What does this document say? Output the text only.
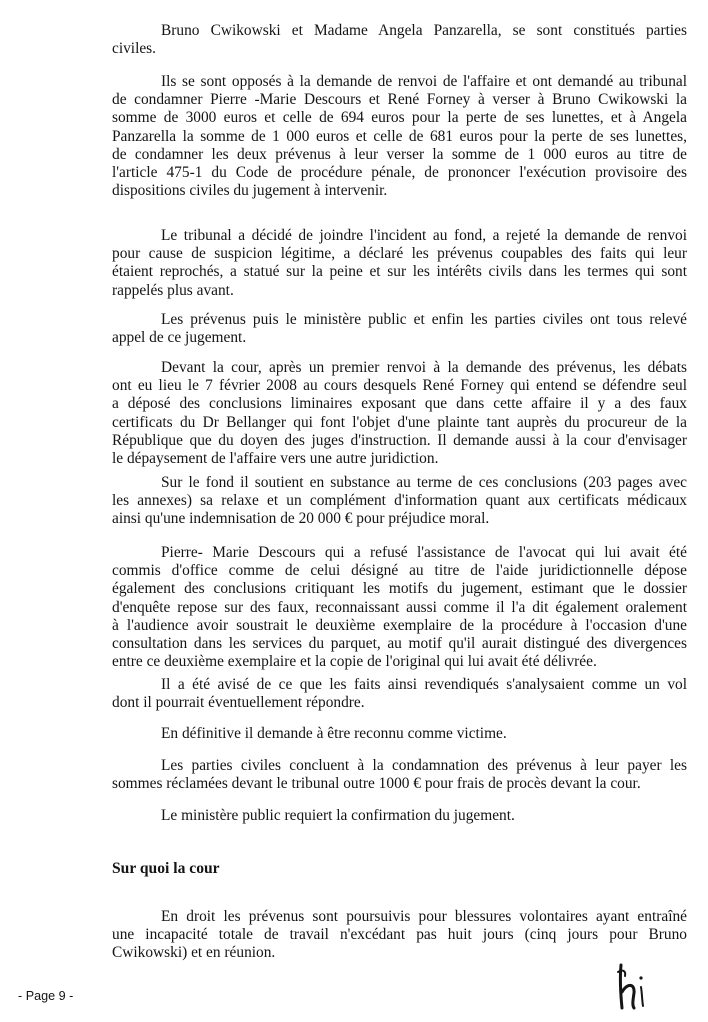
Bruno Cwikowski et Madame Angela Panzarella, se sont constitués parties
civiles.
Ils se sont opposés à la demande de renvoi de l'affaire et ont demandé au tribunal
de condamner Pierre -Marie Descours et René Forney à verser à Bruno Cwikowski la
somme de 3000 euros et celle de 694 euros pour la perte de ses lunettes, et à Angela
Panzarella la somme de 1 000 euros et celle de 681 euros pour la perte de ses lunettes,
de condamner les deux prévenus à leur verser la somme de 1 000 euros au titre de
l'article 475-1 du Code de procédure pénale, de prononcer l'exécution provisoire des
dispositions civiles du jugement à intervenir.
Le tribunal a décidé de joindre l'incident au fond, a rejeté la demande de renvoi
pour cause de suspicion légitime, a déclaré les prévenus coupables des faits qui leur
étaient reprochés, a statué sur la peine et sur les intérêts civils dans les termes qui sont
rappelés plus avant.
Les prévenus puis le ministère public et enfin les parties civiles ont tous relevé
appel de ce jugement.
Devant la cour, après un premier renvoi à la demande des prévenus, les débats
ont eu lieu le 7 février 2008 au cours desquels René Forney qui entend se défendre seul
a déposé des conclusions liminaires exposant que dans cette affaire il y a des faux
certificats du Dr Bellanger qui font l'objet d'une plainte tant auprès du procureur de la
République que du doyen des juges d'instruction. Il demande aussi à la cour d'envisager
le dépaysement de l'affaire vers une autre juridiction.
Sur le fond il soutient en substance au terme de ces conclusions (203 pages avec
les annexes) sa relaxe et un complément d'information quant aux certificats médicaux
ainsi qu'une indemnisation de 20 000 € pour préjudice moral.
Pierre- Marie Descours qui a refusé l'assistance de l'avocat qui lui avait été
commis d'office comme de celui désigné au titre de l'aide juridictionnelle dépose
également des conclusions critiquant les motifs du jugement, estimant que le dossier
d'enquête repose sur des faux, reconnaissant aussi comme il l'a dit également oralement
à l'audience avoir soustrait le deuxième exemplaire de la procédure à l'occasion d'une
consultation dans les services du parquet, au motif qu'il aurait distingué des divergences
entre ce deuxième exemplaire et la copie de l'original qui lui avait été délivrée.
Il a été avisé de ce que les faits ainsi revendiqués s'analysaient comme un vol
dont il pourrait éventuellement répondre.
En définitive il demande à être reconnu comme victime.
Les parties civiles concluent à la condamnation des prévenus à leur payer les
sommes réclamées devant le tribunal outre 1000 € pour frais de procès devant la cour.
Le ministère public requiert la confirmation du jugement.
Sur quoi la cour
En droit les prévenus sont poursuivis pour blessures volontaires ayant entraîné
une incapacité totale de travail n'excédant pas huit jours (cinq jours pour Bruno
Cwikowski) et en réunion.
- Page 9 -
